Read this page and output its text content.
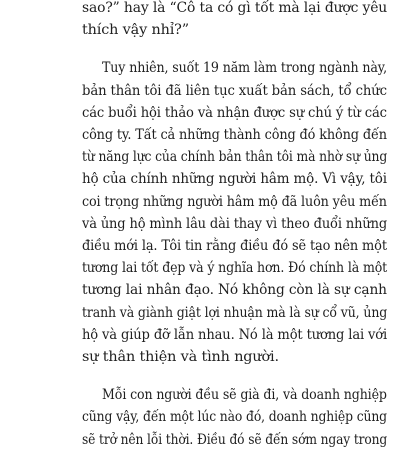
sao?” hay là “Cô ta có gì tốt mà lại được yêu
thích vậy nhỉ?”
Tuy nhiên, suốt 19 năm làm trong ngành này,
bản thân tôi đã liên tục xuất bản sách, tổ chức
các buổi hội thảo và nhận được sự chú ý từ các
công ty. Tất cả những thành công đó không đến
từ năng lực của chính bản thân tôi mà nhờ sự ủng
hộ của chính những người hâm mộ. Vì vậy, tôi
coi trọng những người hâm mộ đã luôn yêu mến
và ủng hộ mình lâu dài thay vì theo đuổi những
điều mới lạ. Tôi tin rằng điều đó sẽ tạo nên một
tương lai tốt đẹp và ý nghĩa hơn. Đó chính là một
tương lai nhân đạo. Nó không còn là sự cạnh
tranh và giành giật lợi nhuận mà là sự cổ vũ, ủng
hộ và giúp đỡ lẫn nhau. Nó là một tương lai với
sự thân thiện và tình người.
Mỗi con người đều sẽ già đi, và doanh nghiệp
cũng vậy, đến một lúc nào đó, doanh nghiệp cũng
sẽ trở nên lỗi thời. Điều đó sẽ đến sớm ngay trong
